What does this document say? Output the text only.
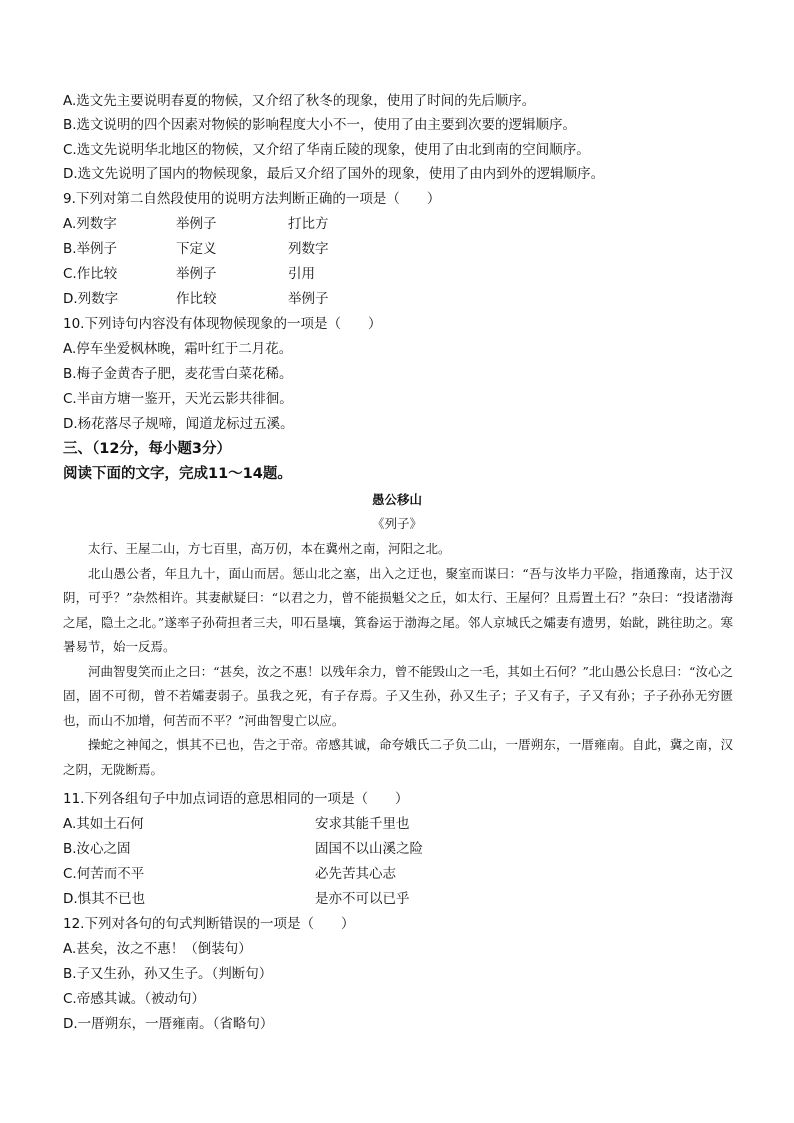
A.选文先主要说明春夏的物候，又介绍了秋冬的现象，使用了时间的先后顺序。
B.选文说明的四个因素对物候的影响程度大小不一，使用了由主要到次要的逻辑顺序。
C.选文先说明华北地区的物候，又介绍了华南丘陵的现象，使用了由北到南的空间顺序。
D.选文先说明了国内的物候现象，最后又介绍了国外的现象，使用了由内到外的逻辑顺序。
9.下列对第二自然段使用的说明方法判断正确的一项是（　　）
A.列数字	举例子	打比方
B.举例子	下定义	列数字
C.作比较	举例子	引用
D.列数字	作比较	举例子
10.下列诗句内容没有体现物候现象的一项是（　　）
A.停车坐爱枫林晚，霜叶红于二月花。
B.梅子金黄杏子肥，麦花雪白菜花稀。
C.半亩方塘一鉴开，天光云影共徘徊。
D.杨花落尽子规啼，闻道龙标过五溪。
三、（12分，每小题3分）
阅读下面的文字，完成11～14题。
愚公移山
《列子》

太行、王屋二山，方七百里，高万仞，本在冀州之南，河阳之北。

北山愚公者，年且九十，面山而居。惩山北之塞，出入之迂也，聚室而谋曰：“吾与汝毕力平险，指通豫南，达于汉阴，可乎？”杂然相许。其妻献疑曰：“以君之力，曾不能损魁父之丘，如太行、王屋何？且焉置土石？”杂曰：“投诸渤海之尾，隐土之北。”遂率子孙荷担者三夫，叩石垦壤，箕畚运于渤海之尾。邻人京城氏之孀妻有遗男，始龀，跳往助之。寒暑易节，始一反焉。

河曲智叟笑而止之曰：“甚矣，汝之不惠！以残年余力，曾不能毁山之一毛，其如土石何？”北山愚公长息曰：“汝心之固，固不可彻，曾不若孀妻弱子。虽我之死，有子存焉。子又生孙，孙又生子；子又有子，子又有孙；子子孙孙无穷匮也，而山不加增，何苦而不平？”河曲智叟亡以应。

操蛇之神闻之，惧其不已也，告之于帝。帝感其诚，命夸娥氏二子负二山，一厝朔东，一厝雍南。自此，冀之南，汉之阴，无陇断焉。

11.下列各组句子中加点词语的意思相同的一项是（　　）
A.其如土石何	安求其能千里也
B.汝心之固	固国不以山溪之险
C.何苦而不平	必先苦其心志
D.惧其不已也	是亦不可以已乎
12.下列对各句的句式判断错误的一项是（　　）
A.甚矣，汝之不惠！（倒装句）
B.子又生孙，孙又生子。（判断句）
C.帝感其诚。（被动句）
D.一厝朔东，一厝雍南。（省略句）
